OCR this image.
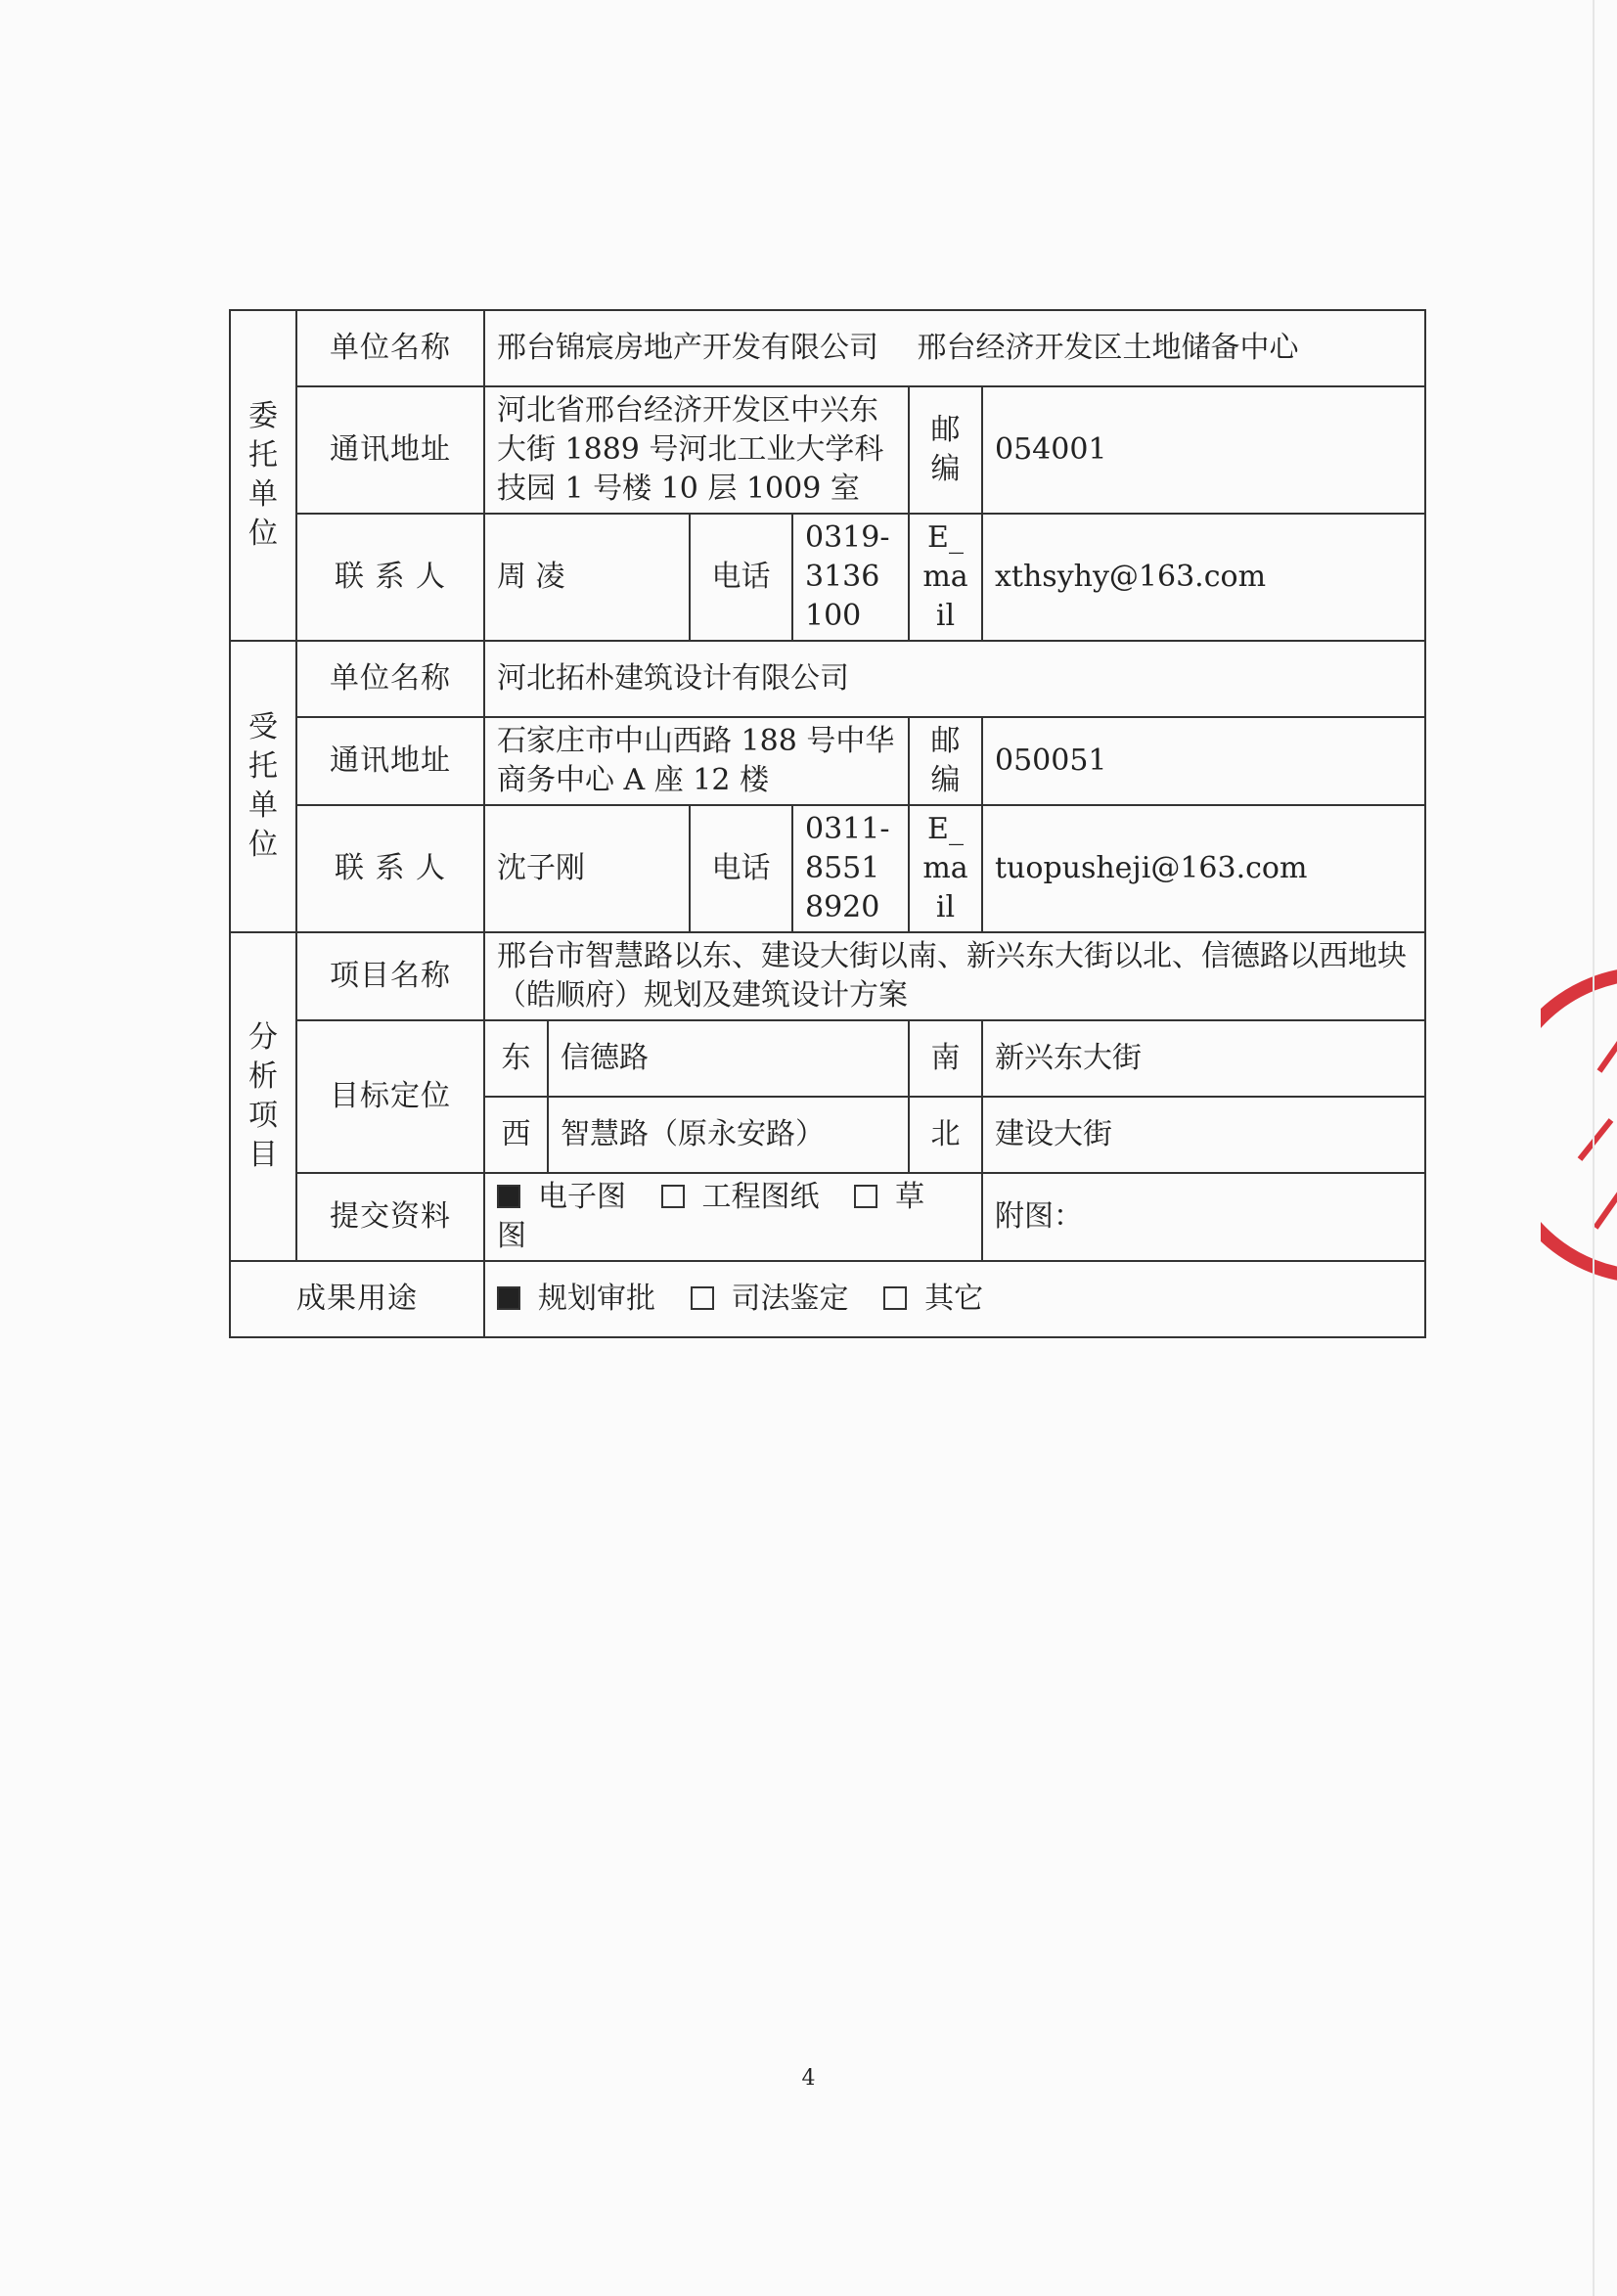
委
托
单
位	单位名称	邢台锦宸房地产开发有限公司　 邢台经济开发区土地储备中心					
	通讯地址	河北省邢台经济开发区中兴东大街 1889 号河北工业大学科技园 1 号楼 10 层 1009 室				邮　编	054001
	联 系 人	周 凌		电话	0319-3136100	E_mail	xthsyhy@163.com

受
托
单
位	单位名称	河北拓朴建筑设计有限公司					
	通讯地址	石家庄市中山西路 188 号中华商务中心 A 座 12 楼				邮　编	050051
	联 系 人	沈子刚		电话	0311-85518920	E_mail	tuopusheji@163.com

分
析
项
目	项目名称	邢台市智慧路以东、建设大街以南、新兴东大街以北、信德路以西地块（皓顺府）规划及建筑设计方案					
	目标定位	东	信德路			南	新兴东大街
		西	智慧路（原永安路）			北	建设大街
	提交资料	电子图 工程图纸 草图					附图：
成果用途		规划审批 司法鉴定 其它					
4
